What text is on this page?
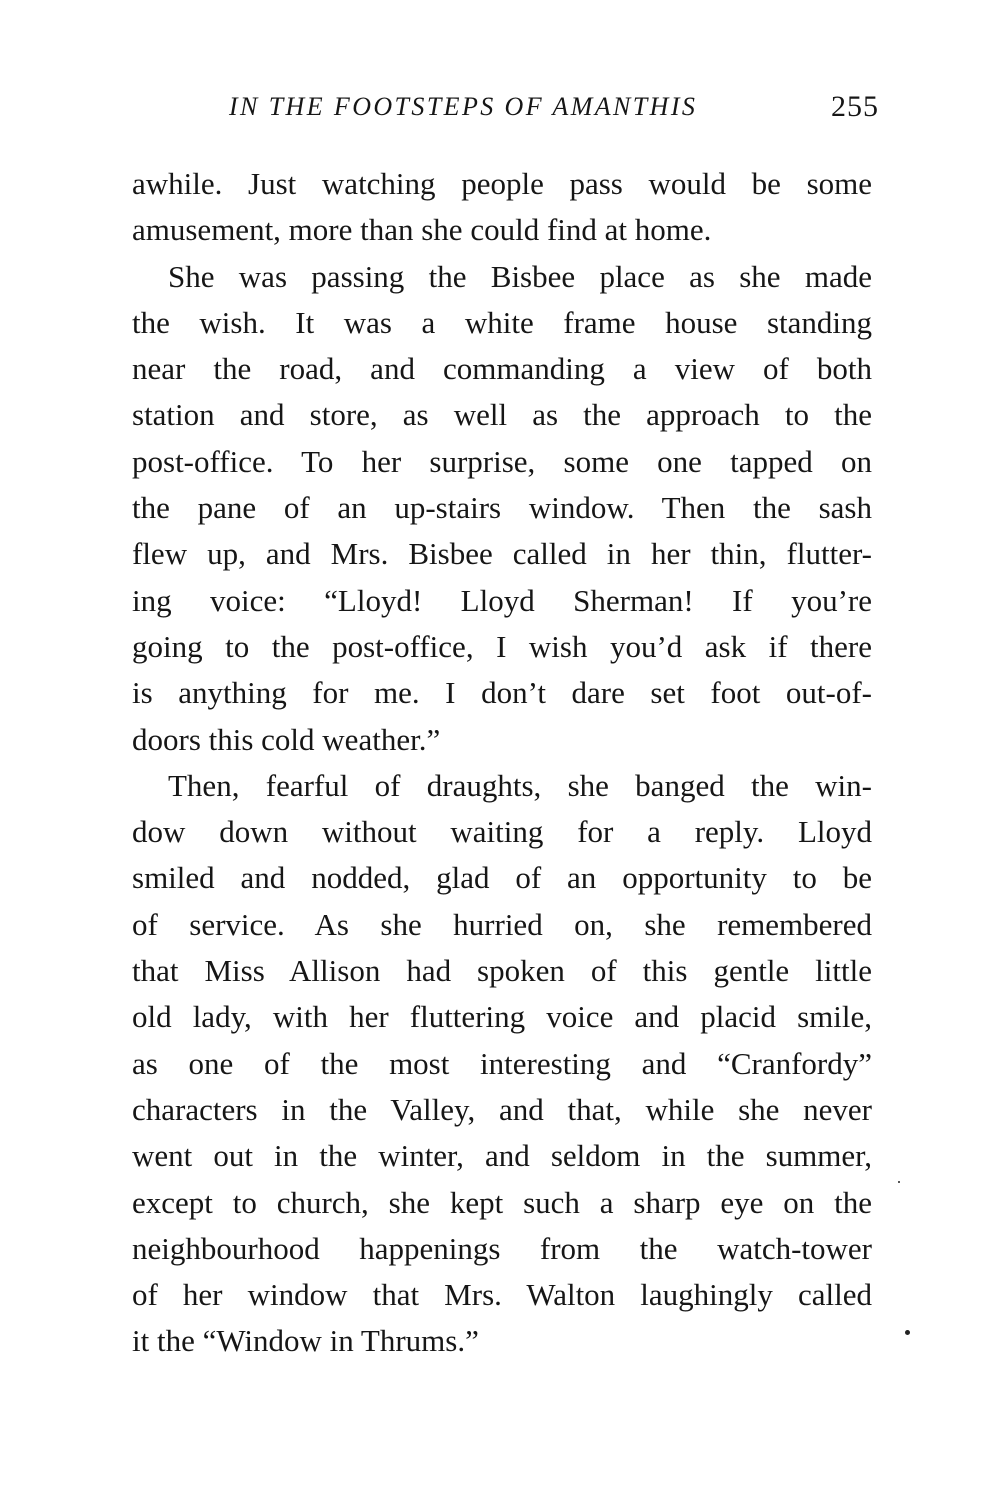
IN THE FOOTSTEPS OF AMANTHIS	255
awhile. Just watching people pass would be some
amusement, more than she could find at home.
She was passing the Bisbee place as she made
the wish. It was a white frame house standing
near the road, and commanding a view of both
station and store, as well as the approach to the
post-office. To her surprise, some one tapped on
the pane of an up-stairs window. Then the sash
flew up, and Mrs. Bisbee called in her thin, flutter-
ing voice: “Lloyd! Lloyd Sherman! If you’re
going to the post-office, I wish you’d ask if there
is anything for me. I don’t dare set foot out-of-
doors this cold weather.”
Then, fearful of draughts, she banged the win-
dow down without waiting for a reply. Lloyd
smiled and nodded, glad of an opportunity to be
of service. As she hurried on, she remembered
that Miss Allison had spoken of this gentle little
old lady, with her fluttering voice and placid smile,
as one of the most interesting and “Cranfordy”
characters in the Valley, and that, while she never
went out in the winter, and seldom in the summer,
except to church, she kept such a sharp eye on the
neighbourhood happenings from the watch-tower
of her window that Mrs. Walton laughingly called
it the “Window in Thrums.”
